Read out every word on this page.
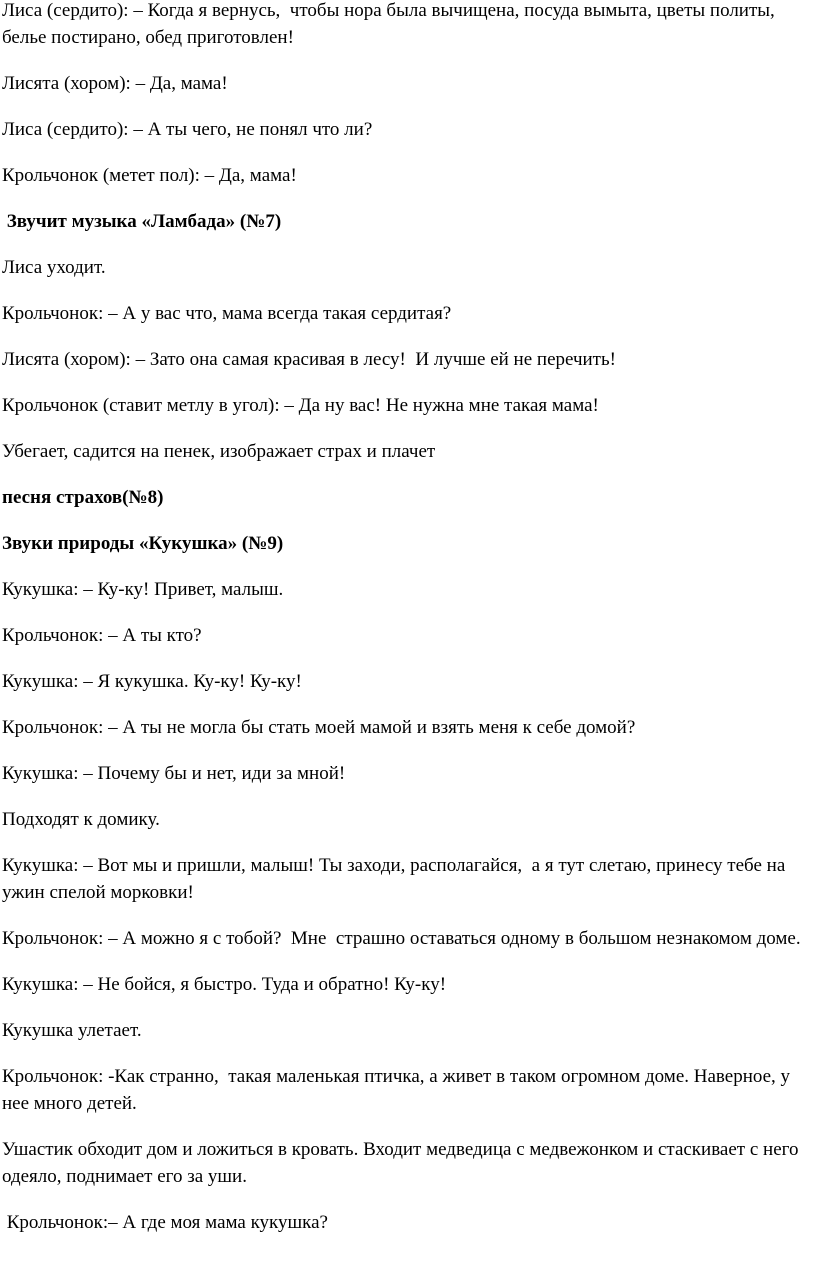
Лиса (сердито): – Когда я вернусь,  чтобы нора была вычищена, посуда вымыта, цветы политы, белье постирано, обед приготовлен!

Лисята (хором): – Да, мама!

Лиса (сердито): – А ты чего, не понял что ли?

Крольчонок (метет пол): – Да, мама!

Звучит музыка «Ламбада» (№7)

Лиса уходит.

Крольчонок: – А у вас что, мама всегда такая сердитая?

Лисята (хором): – Зато она самая красивая в лесу!  И лучше ей не перечить!

Крольчонок (ставит метлу в угол): – Да ну вас! Не нужна мне такая мама!

Убегает, садится на пенек, изображает страх и плачет

песня страхов(№8)

Звуки природы «Кукушка» (№9)

Кукушка: – Ку-ку! Привет, малыш.

Крольчонок: – А ты кто?

Кукушка: – Я кукушка. Ку-ку! Ку-ку!

Крольчонок: – А ты не могла бы стать моей мамой и взять меня к себе домой?

Кукушка: – Почему бы и нет, иди за мной!

Подходят к домику.

Кукушка: – Вот мы и пришли, малыш! Ты заходи, располагайся,  а я тут слетаю, принесу тебе на ужин спелой морковки!

Крольчонок: – А можно я с тобой?  Мне  страшно оставаться одному в большом незнакомом доме.

Кукушка: – Не бойся, я быстро. Туда и обратно! Ку-ку!

Кукушка улетает.

Крольчонок: -Как странно,  такая маленькая птичка, а живет в таком огромном доме. Наверное, у нее много детей.

Ушастик обходит дом и ложиться в кровать. Входит медведица с медвежонком и стаскивает с него одеяло, поднимает его за уши.

Крольчонок:– А где моя мама кукушка?
